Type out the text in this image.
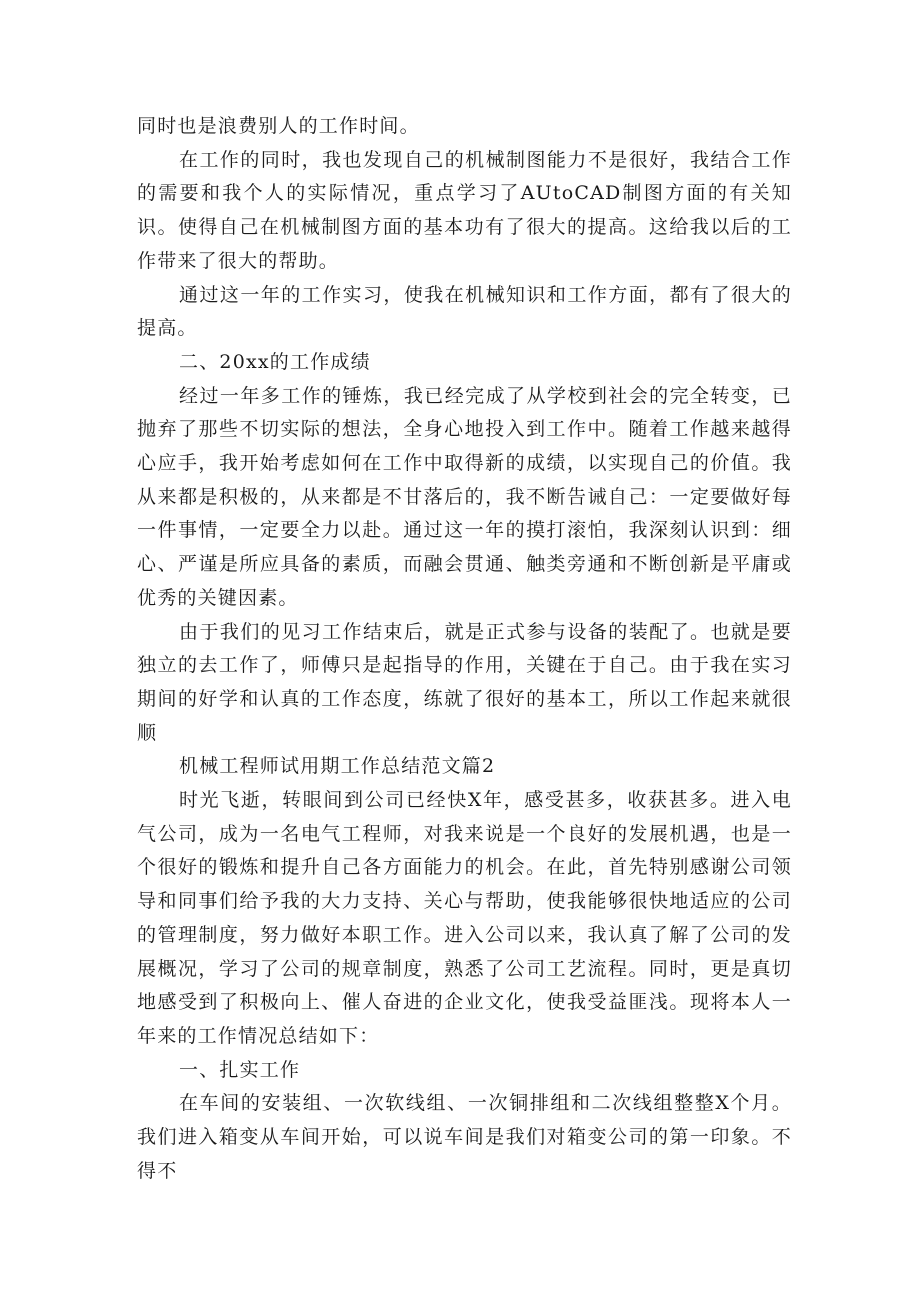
同时也是浪费别人的工作时间。

在工作的同时，我也发现自己的机械制图能力不是很好，我结合工作的需要和我个人的实际情况，重点学习了AUtoCAD制图方面的有关知识。使得自己在机械制图方面的基本功有了很大的提高。这给我以后的工作带来了很大的帮助。

通过这一年的工作实习，使我在机械知识和工作方面，都有了很大的提高。

二、20xx的工作成绩

经过一年多工作的锤炼，我已经完成了从学校到社会的完全转变，已抛弃了那些不切实际的想法，全身心地投入到工作中。随着工作越来越得心应手，我开始考虑如何在工作中取得新的成绩，以实现自己的价值。我从来都是积极的，从来都是不甘落后的，我不断告诫自己：一定要做好每一件事情，一定要全力以赴。通过这一年的摸打滚怕，我深刻认识到：细心、严谨是所应具备的素质，而融会贯通、触类旁通和不断创新是平庸或优秀的关键因素。

由于我们的见习工作结束后，就是正式参与设备的装配了。也就是要独立的去工作了，师傅只是起指导的作用，关键在于自己。由于我在实习期间的好学和认真的工作态度，练就了很好的基本工，所以工作起来就很顺

机械工程师试用期工作总结范文篇2

时光飞逝，转眼间到公司已经快X年，感受甚多，收获甚多。进入电气公司，成为一名电气工程师，对我来说是一个良好的发展机遇，也是一个很好的锻炼和提升自己各方面能力的机会。在此，首先特别感谢公司领导和同事们给予我的大力支持、关心与帮助，使我能够很快地适应的公司的管理制度，努力做好本职工作。进入公司以来，我认真了解了公司的发展概况，学习了公司的规章制度，熟悉了公司工艺流程。同时，更是真切地感受到了积极向上、催人奋进的企业文化，使我受益匪浅。现将本人一年来的工作情况总结如下：

一、扎实工作

在车间的安装组、一次软线组、一次铜排组和二次线组整整X个月。我们进入箱变从车间开始，可以说车间是我们对箱变公司的第一印象。不得不
